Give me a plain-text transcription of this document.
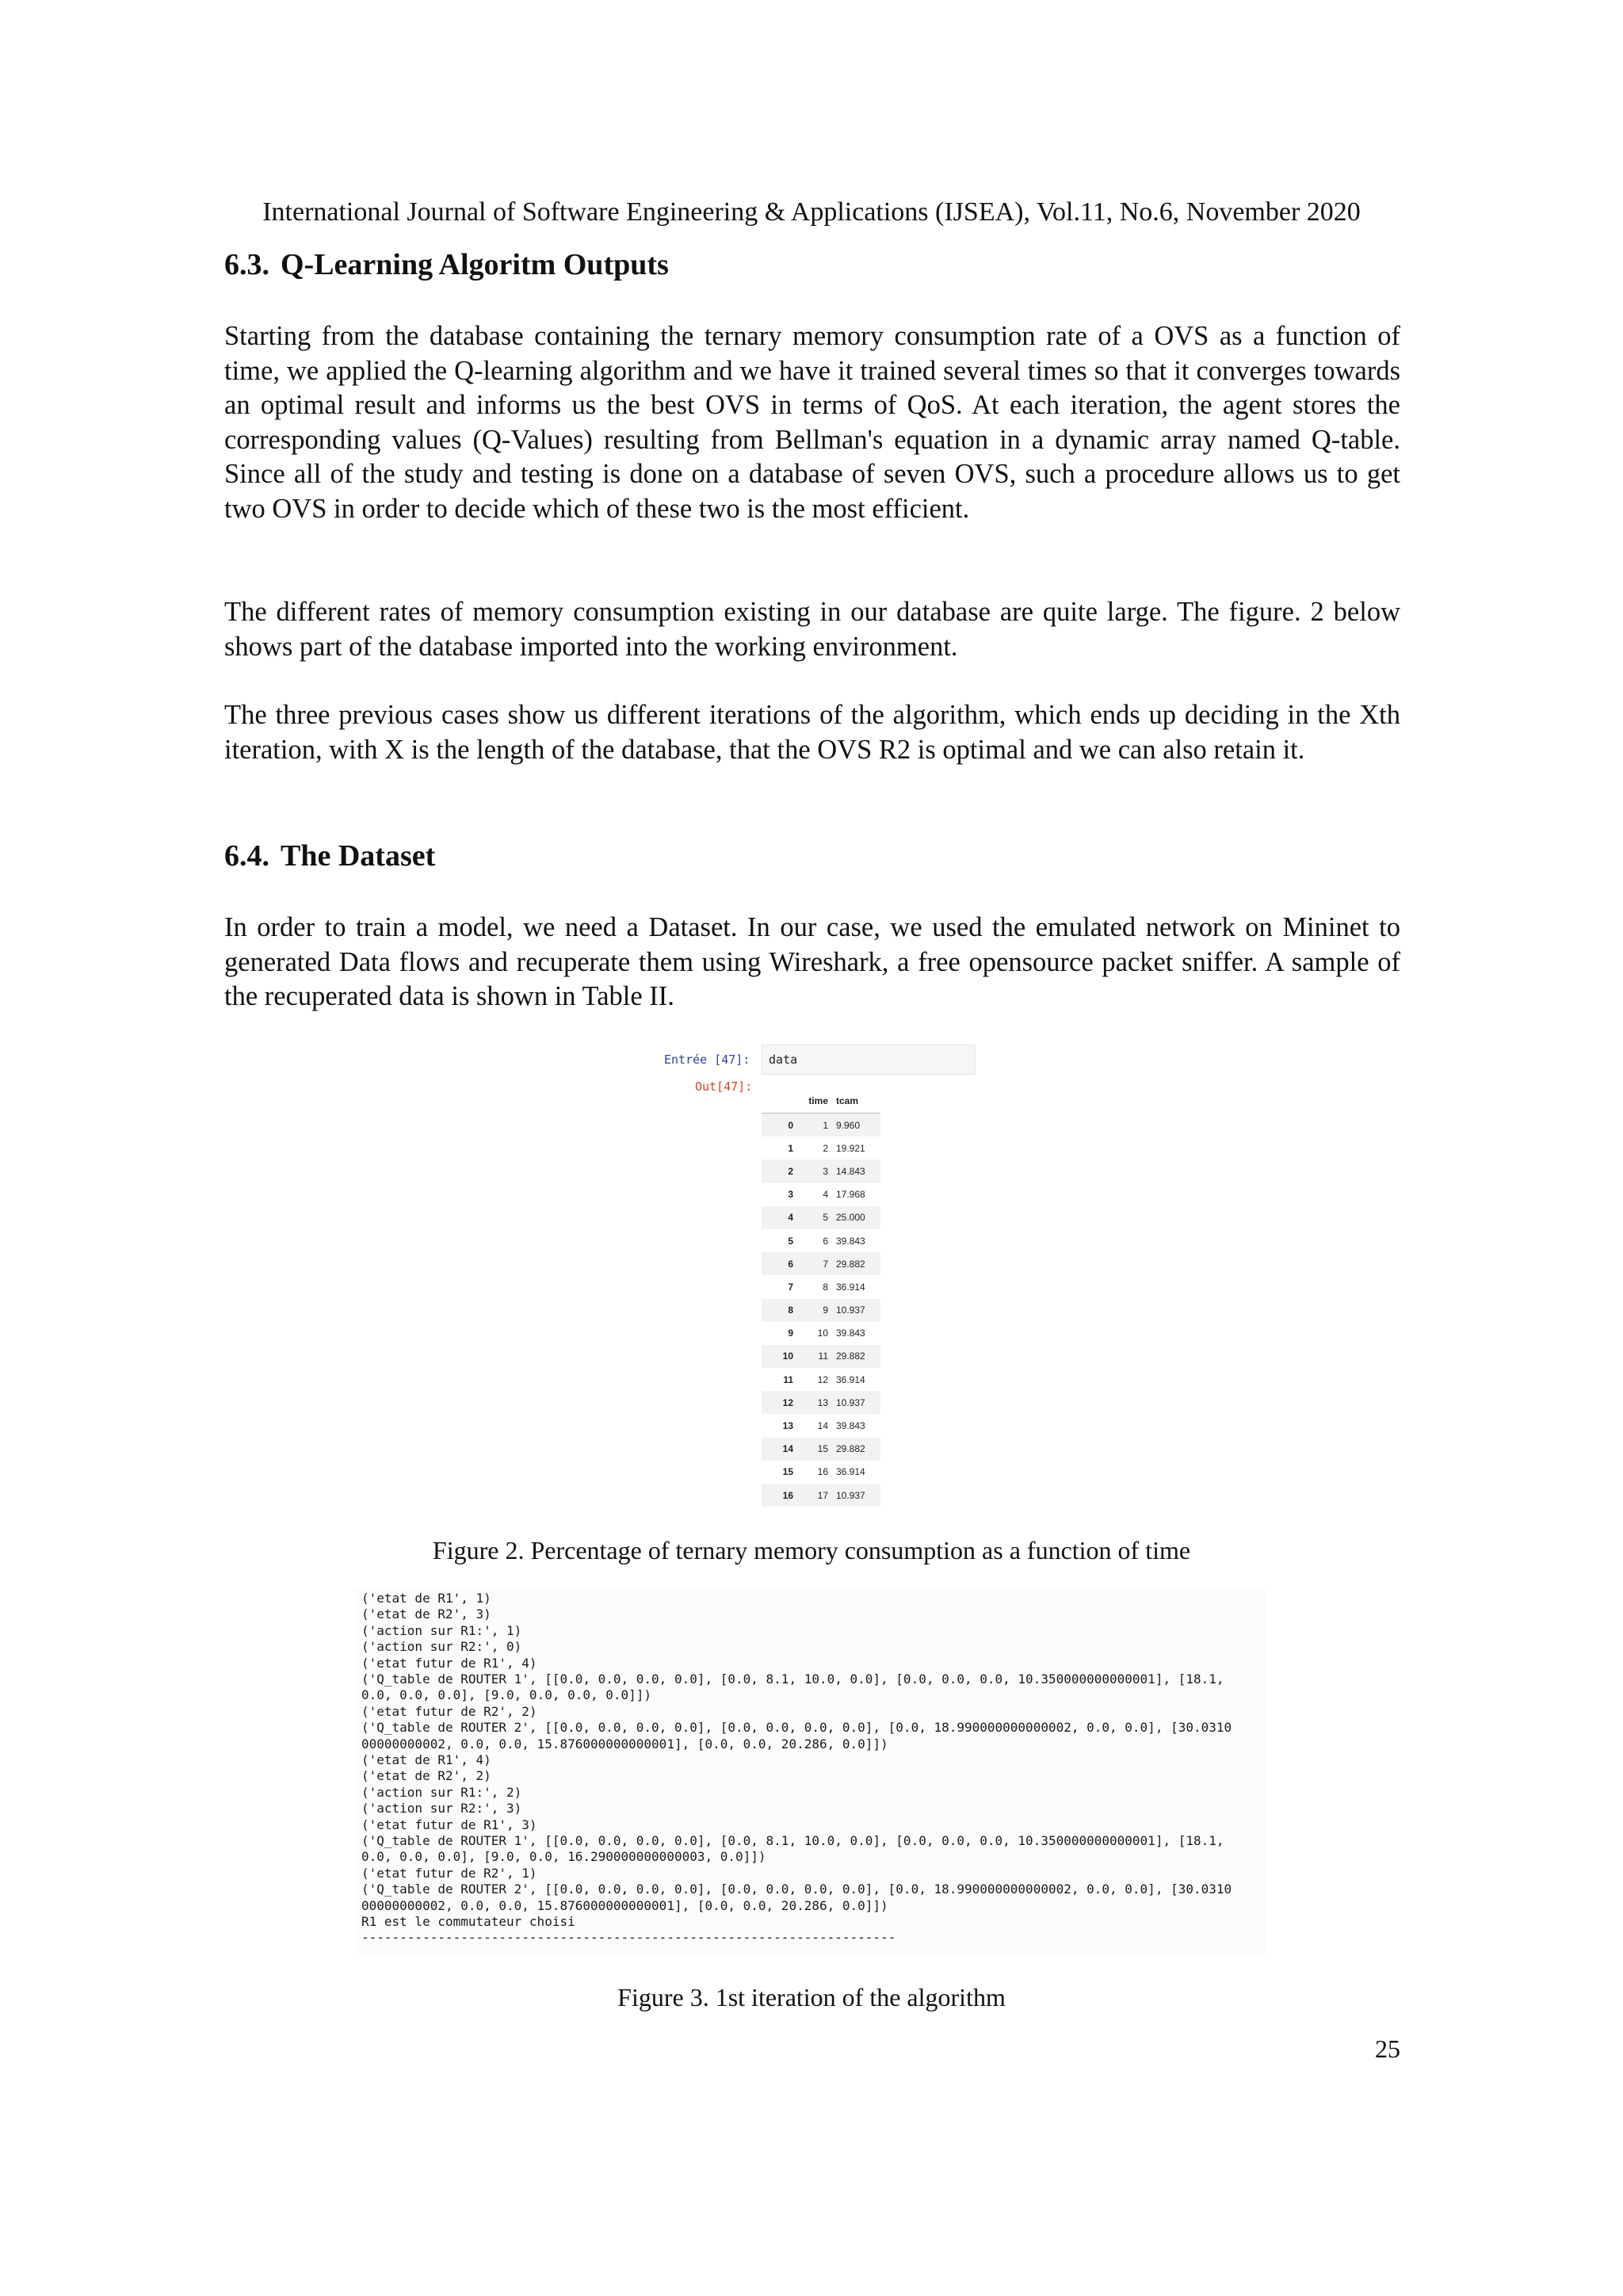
International Journal of Software Engineering & Applications (IJSEA), Vol.11, No.6, November 2020
6.3. Q-Learning Algoritm Outputs

Starting from the database containing the ternary memory consumption rate of a OVS as a function of time, we applied the Q-learning algorithm and we have it trained several times so that it converges towards an optimal result and informs us the best OVS in terms of QoS. At each iteration, the agent stores the corresponding values (Q-Values) resulting from Bellman's equation in a dynamic array named Q-table. Since all of the study and testing is done on a database of seven OVS, such a procedure allows us to get two OVS in order to decide which of these two is the most efficient.

The different rates of memory consumption existing in our database are quite large. The figure. 2 below shows part of the database imported into the working environment.

The three previous cases show us different iterations of the algorithm, which ends up deciding in the Xth iteration, with X is the length of the database, that the OVS R2 is optimal and we can also retain it.

6.4. The Dataset

In order to train a model, we need a Dataset. In our case, we used the emulated network on Mininet to generated Data flows and recuperate them using Wireshark, a free opensource packet sniffer. A sample of the recuperated data is shown in Table II.

Entrée [47]: data
Out[47]:
	time	tcam
0	1	9.960
1	2	19.921
2	3	14.843
3	4	17.968
4	5	25.000
5	6	39.843
6	7	29.882
7	8	36.914
8	9	10.937
9	10	39.843
10	11	29.882
11	12	36.914
12	13	10.937
13	14	39.843
14	15	29.882
15	16	36.914
16	17	10.937
Figure 2. Percentage of ternary memory consumption as a function of time
('etat de R1', 1)
('etat de R2', 3)
('action sur R1:', 1)
('action sur R2:', 0)
('etat futur de R1', 4)
('Q_table de ROUTER 1', [[0.0, 0.0, 0.0, 0.0], [0.0, 8.1, 10.0, 0.0], [0.0, 0.0, 0.0, 10.350000000000001], [18.1,
0.0, 0.0, 0.0], [9.0, 0.0, 0.0, 0.0]])
('etat futur de R2', 2)
('Q_table de ROUTER 2', [[0.0, 0.0, 0.0, 0.0], [0.0, 0.0, 0.0, 0.0], [0.0, 18.990000000000002, 0.0, 0.0], [30.0310
00000000002, 0.0, 0.0, 15.876000000000001], [0.0, 0.0, 20.286, 0.0]])
('etat de R1', 4)
('etat de R2', 2)
('action sur R1:', 2)
('action sur R2:', 3)
('etat futur de R1', 3)
('Q_table de ROUTER 1', [[0.0, 0.0, 0.0, 0.0], [0.0, 8.1, 10.0, 0.0], [0.0, 0.0, 0.0, 10.350000000000001], [18.1,
0.0, 0.0, 0.0], [9.0, 0.0, 16.290000000000003, 0.0]])
('etat futur de R2', 1)
('Q_table de ROUTER 2', [[0.0, 0.0, 0.0, 0.0], [0.0, 0.0, 0.0, 0.0], [0.0, 18.990000000000002, 0.0, 0.0], [30.0310
00000000002, 0.0, 0.0, 15.876000000000001], [0.0, 0.0, 20.286, 0.0]])
R1 est le commutateur choisi
----------------------------------------------------------------------
Figure 3. 1st iteration of the algorithm
25
